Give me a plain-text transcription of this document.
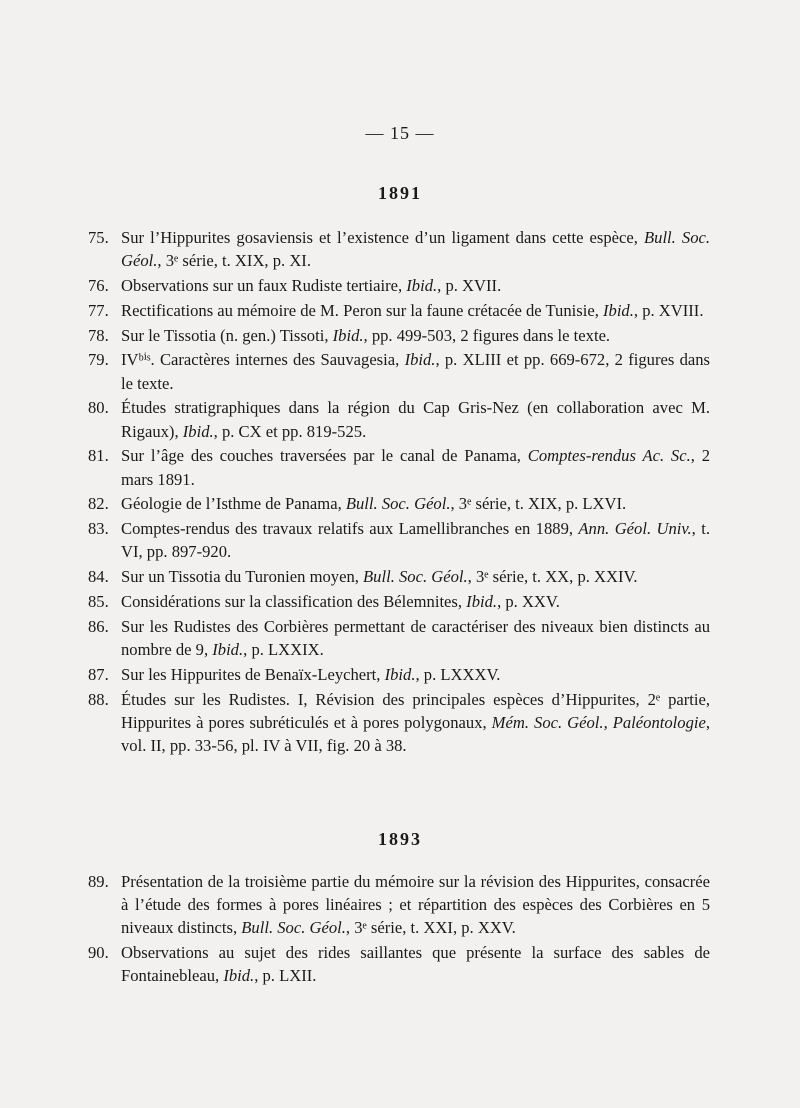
— 15 —
1891
75. Sur l’Hippurites gosaviensis et l’existence d’un ligament dans cette espèce, Bull. Soc. Géol., 3ᵉ série, t. XIX, p. XI.
76. Observations sur un faux Rudiste tertiaire, Ibid., p. XVII.
77. Rectifications au mémoire de M. Peron sur la faune crétacée de Tunisie, Ibid., p. XVIII.
78. Sur le Tissotia (n. gen.) Tissoti, Ibid., pp. 499-503, 2 figures dans le texte.
79. IVᵇⁱˢ. Caractères internes des Sauvagesia, Ibid., p. XLIII et pp. 669-672, 2 figures dans le texte.
80. Études stratigraphiques dans la région du Cap Gris-Nez (en collaboration avec M. Rigaux), Ibid., p. CX et pp. 819-525.
81. Sur l’âge des couches traversées par le canal de Panama, Comptes-rendus Ac. Sc., 2 mars 1891.
82. Géologie de l’Isthme de Panama, Bull. Soc. Géol., 3ᵉ série, t. XIX, p. LXVI.
83. Comptes-rendus des travaux relatifs aux Lamellibranches en 1889, Ann. Géol. Univ., t. VI, pp. 897-920.
84. Sur un Tissotia du Turonien moyen, Bull. Soc. Géol., 3ᵉ série, t. XX, p. XXIV.
85. Considérations sur la classification des Bélemnites, Ibid., p. XXV.
86. Sur les Rudistes des Corbières permettant de caractériser des niveaux bien distincts au nombre de 9, Ibid., p. LXXIX.
87. Sur les Hippurites de Benaïx-Leychert, Ibid., p. LXXXV.
88. Études sur les Rudistes. I, Révision des principales espèces d’Hippurites, 2ᵉ partie, Hippurites à pores subréticulés et à pores polygonaux, Mém. Soc. Géol., Paléontologie, vol. II, pp. 33-56, pl. IV à VII, fig. 20 à 38.
1893
89. Présentation de la troisième partie du mémoire sur la révision des Hippurites, consacrée à l’étude des formes à pores linéaires ; et répartition des espèces des Corbières en 5 niveaux distincts, Bull. Soc. Géol., 3ᵉ série, t. XXI, p. XXV.
90. Observations au sujet des rides saillantes que présente la surface des sables de Fontainebleau, Ibid., p. LXII.
